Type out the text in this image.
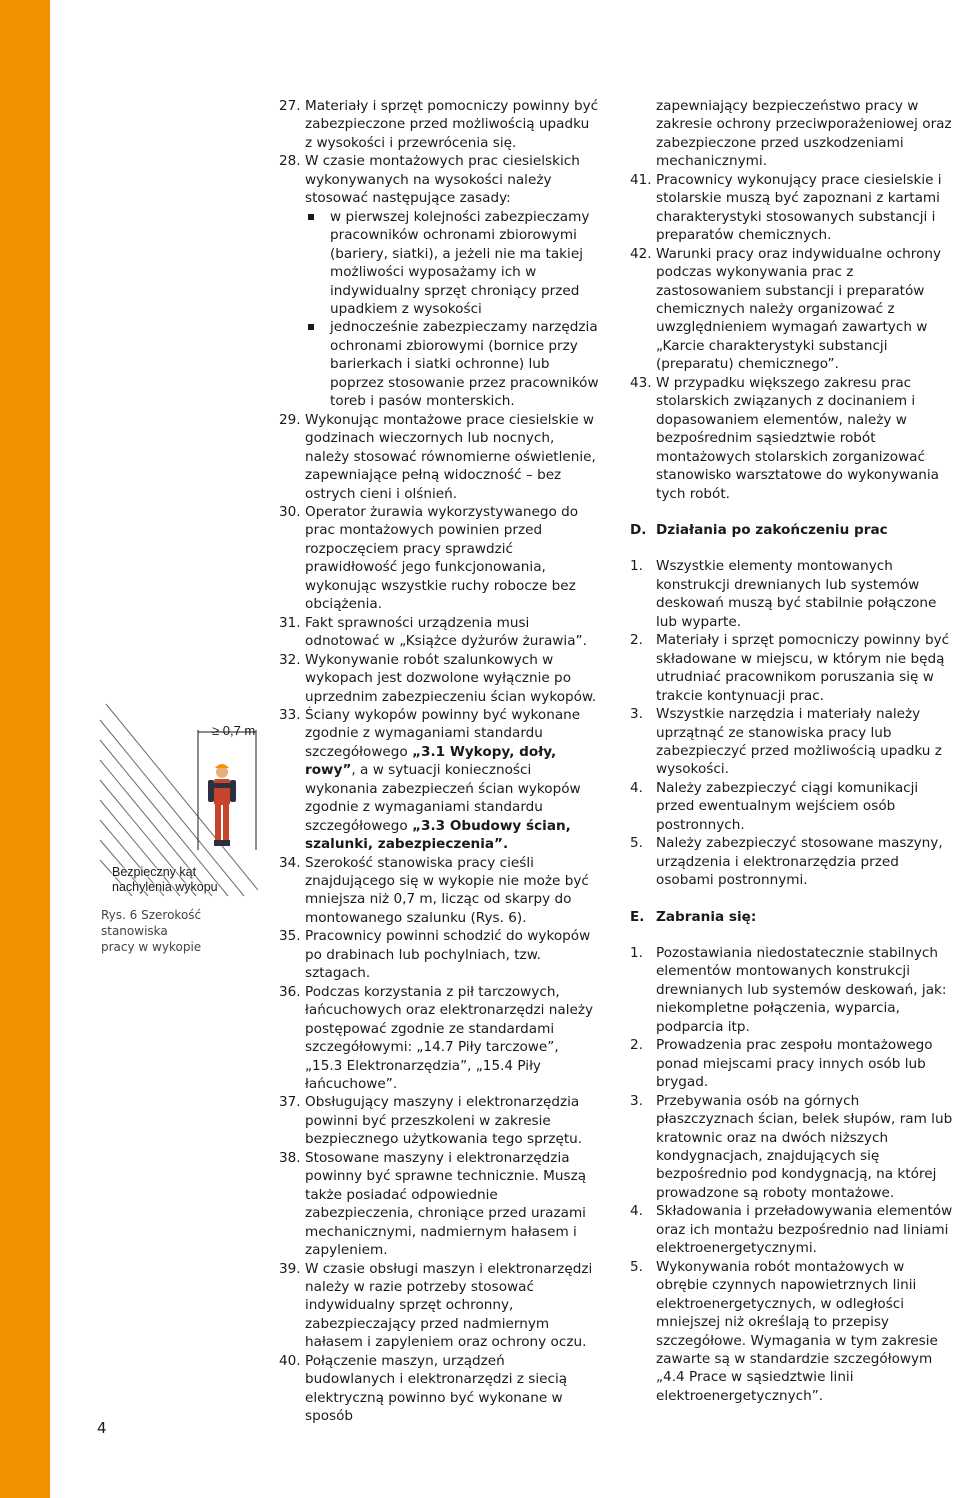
≥ 0,7 m
Bezpieczny kąt
nachylenia wykopu
Rys. 6 Szerokość stanowiska
pracy w wykopie
27. Materiały i sprzęt pomocniczy powinny być zabezpieczone przed możliwością upadku z wysokości i przewrócenia się.
28. W czasie montażowych prac ciesielskich wykonywanych na wysokości należy stosować następujące zasady:
w pierwszej kolejności zabezpieczamy pracowników ochronami zbiorowymi (bariery, siatki), a jeżeli nie ma takiej możliwości wyposażamy ich w indywidualny sprzęt chroniący przed upadkiem z wysokości
jednocześnie zabezpieczamy narzędzia ochronami zbiorowymi (bornice przy barierkach i siatki ochronne) lub poprzez stosowanie przez pracowników toreb i pasów monterskich.
29. Wykonując montażowe prace ciesielskie w godzinach wieczornych lub nocnych, należy stosować równomierne oświetlenie, zapewniające pełną widoczność – bez ostrych cieni i olśnień.
30. Operator żurawia wykorzystywanego do prac montażowych powinien przed rozpoczęciem pracy sprawdzić prawidłowość jego funkcjonowania, wykonując wszystkie ruchy robocze bez obciążenia.
31. Fakt sprawności urządzenia musi odnotować w „Książce dyżurów żurawia”.
32. Wykonywanie robót szalunkowych w wykopach jest dozwolone wyłącznie po uprzednim zabezpieczeniu ścian wykopów.
33. Ściany wykopów powinny być wykonane zgodnie z wymaganiami standardu szczegółowego „3.1 Wykopy, doły, rowy”, a w sytuacji konieczności wykonania zabezpieczeń ścian wykopów zgodnie z wymaganiami standardu szczegółowego „3.3 Obudowy ścian, szalunki, zabezpieczenia”.
34. Szerokość stanowiska pracy cieśli znajdującego się w wykopie nie może być mniejsza niż 0,7 m, licząc od skarpy do montowanego szalunku (Rys. 6).
35. Pracownicy powinni schodzić do wykopów po drabinach lub pochylniach, tzw. sztagach.
36. Podczas korzystania z pił tarczowych, łańcuchowych oraz elektronarzędzi należy postępować zgodnie ze standardami szczegółowymi: „14.7 Piły tarczowe”, „15.3 Elektronarzędzia”, „15.4 Piły łańcuchowe”.
37. Obsługujący maszyny i elektronarzędzia powinni być przeszkoleni w zakresie bezpiecznego użytkowania tego sprzętu.
38. Stosowane maszyny i elektronarzędzia powinny być sprawne technicznie. Muszą także posiadać odpowiednie zabezpieczenia, chroniące przed urazami mechanicznymi, nadmiernym hałasem i zapyleniem.
39. W czasie obsługi maszyn i elektronarzędzi należy w razie potrzeby stosować indywidualny sprzęt ochronny, zabezpieczający przed nadmiernym hałasem i zapyleniem oraz ochrony oczu.
40. Połączenie maszyn, urządzeń budowlanych i elektronarzędzi z siecią elektryczną powinno być wykonane w sposób
zapewniający bezpieczeństwo pracy w zakresie ochrony przeciwporażeniowej oraz zabezpieczone przed uszkodzeniami mechanicznymi.
41. Pracownicy wykonujący prace ciesielskie i stolarskie muszą być zapoznani z kartami charakterystyki stosowanych substancji i preparatów chemicznych.
42. Warunki pracy oraz indywidualne ochrony podczas wykonywania prac z zastosowaniem substancji i preparatów chemicznych należy organizować z uwzględnieniem wymagań zawartych w „Karcie charakterystyki substancji (preparatu) chemicznego”.
43. W przypadku większego zakresu prac stolarskich związanych z docinaniem i dopasowaniem elementów, należy w bezpośrednim sąsiedztwie robót montażowych stolarskich zorganizować stanowisko warsztatowe do wykonywania tych robót.
D. Działania po zakończeniu prac
1. Wszystkie elementy montowanych konstrukcji drewnianych lub systemów deskowań muszą być stabilnie połączone lub wyparte.
2. Materiały i sprzęt pomocniczy powinny być składowane w miejscu, w którym nie będą utrudniać pracownikom poruszania się w trakcie kontynuacji prac.
3. Wszystkie narzędzia i materiały należy uprzątnąć ze stanowiska pracy lub zabezpieczyć przed możliwością upadku z wysokości.
4. Należy zabezpieczyć ciągi komunikacji przed ewentualnym wejściem osób postronnych.
5. Należy zabezpieczyć stosowane maszyny, urządzenia i elektronarzędzia przed osobami postronnymi.
E. Zabrania się:
1. Pozostawiania niedostatecznie stabilnych elementów montowanych konstrukcji drewnianych lub systemów deskowań, jak: niekompletne połączenia, wyparcia, podparcia itp.
2. Prowadzenia prac zespołu montażowego ponad miejscami pracy innych osób lub brygad.
3. Przebywania osób na górnych płaszczyznach ścian, belek słupów, ram lub kratownic oraz na dwóch niższych kondygnacjach, znajdujących się bezpośrednio pod kondygnacją, na której prowadzone są roboty montażowe.
4. Składowania i przeładowywania elementów oraz ich montażu bezpośrednio nad liniami elektroenergetycznymi.
5. Wykonywania robót montażowych w obrębie czynnych napowietrznych linii elektroenergetycznych, w odległości mniejszej niż określają to przepisy szczegółowe. Wymagania w tym zakresie zawarte są w standardzie szczegółowym „4.4 Prace w sąsiedztwie linii elektroenergetycznych”.
4
